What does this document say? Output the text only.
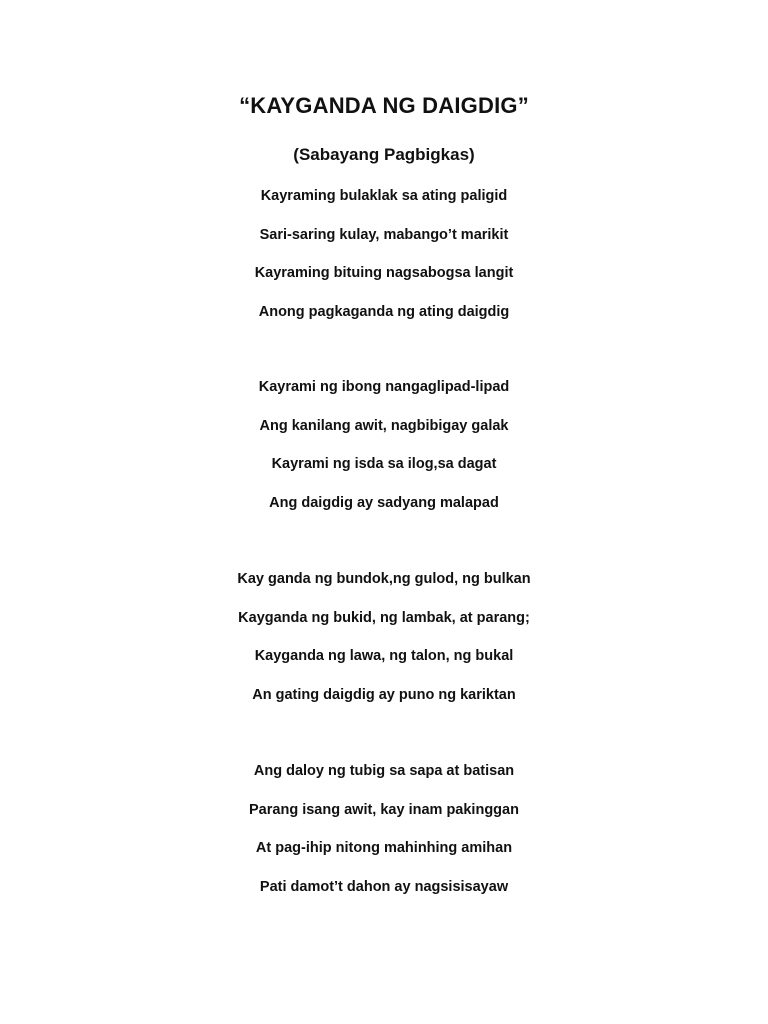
“KAYGANDA NG DAIGDIG”
(Sabayang Pagbigkas)
Kayraming bulaklak sa ating paligid
Sari-saring kulay, mabango’t marikit
Kayraming bituing nagsabogsa langit
Anong pagkaganda ng ating daigdig
Kayrami ng ibong nangaglipad-lipad
Ang kanilang awit, nagbibigay galak
Kayrami ng isda sa ilog,sa dagat
Ang daigdig ay sadyang malapad
Kay ganda ng bundok,ng gulod, ng bulkan
Kayganda ng bukid, ng lambak, at parang;
Kayganda ng lawa, ng talon, ng bukal
An gating daigdig ay puno ng kariktan
Ang daloy ng tubig sa sapa at batisan
Parang isang awit, kay inam pakinggan
At pag-ihip nitong mahinhing amihan
Pati damot’t dahon ay nagsisisayaw
